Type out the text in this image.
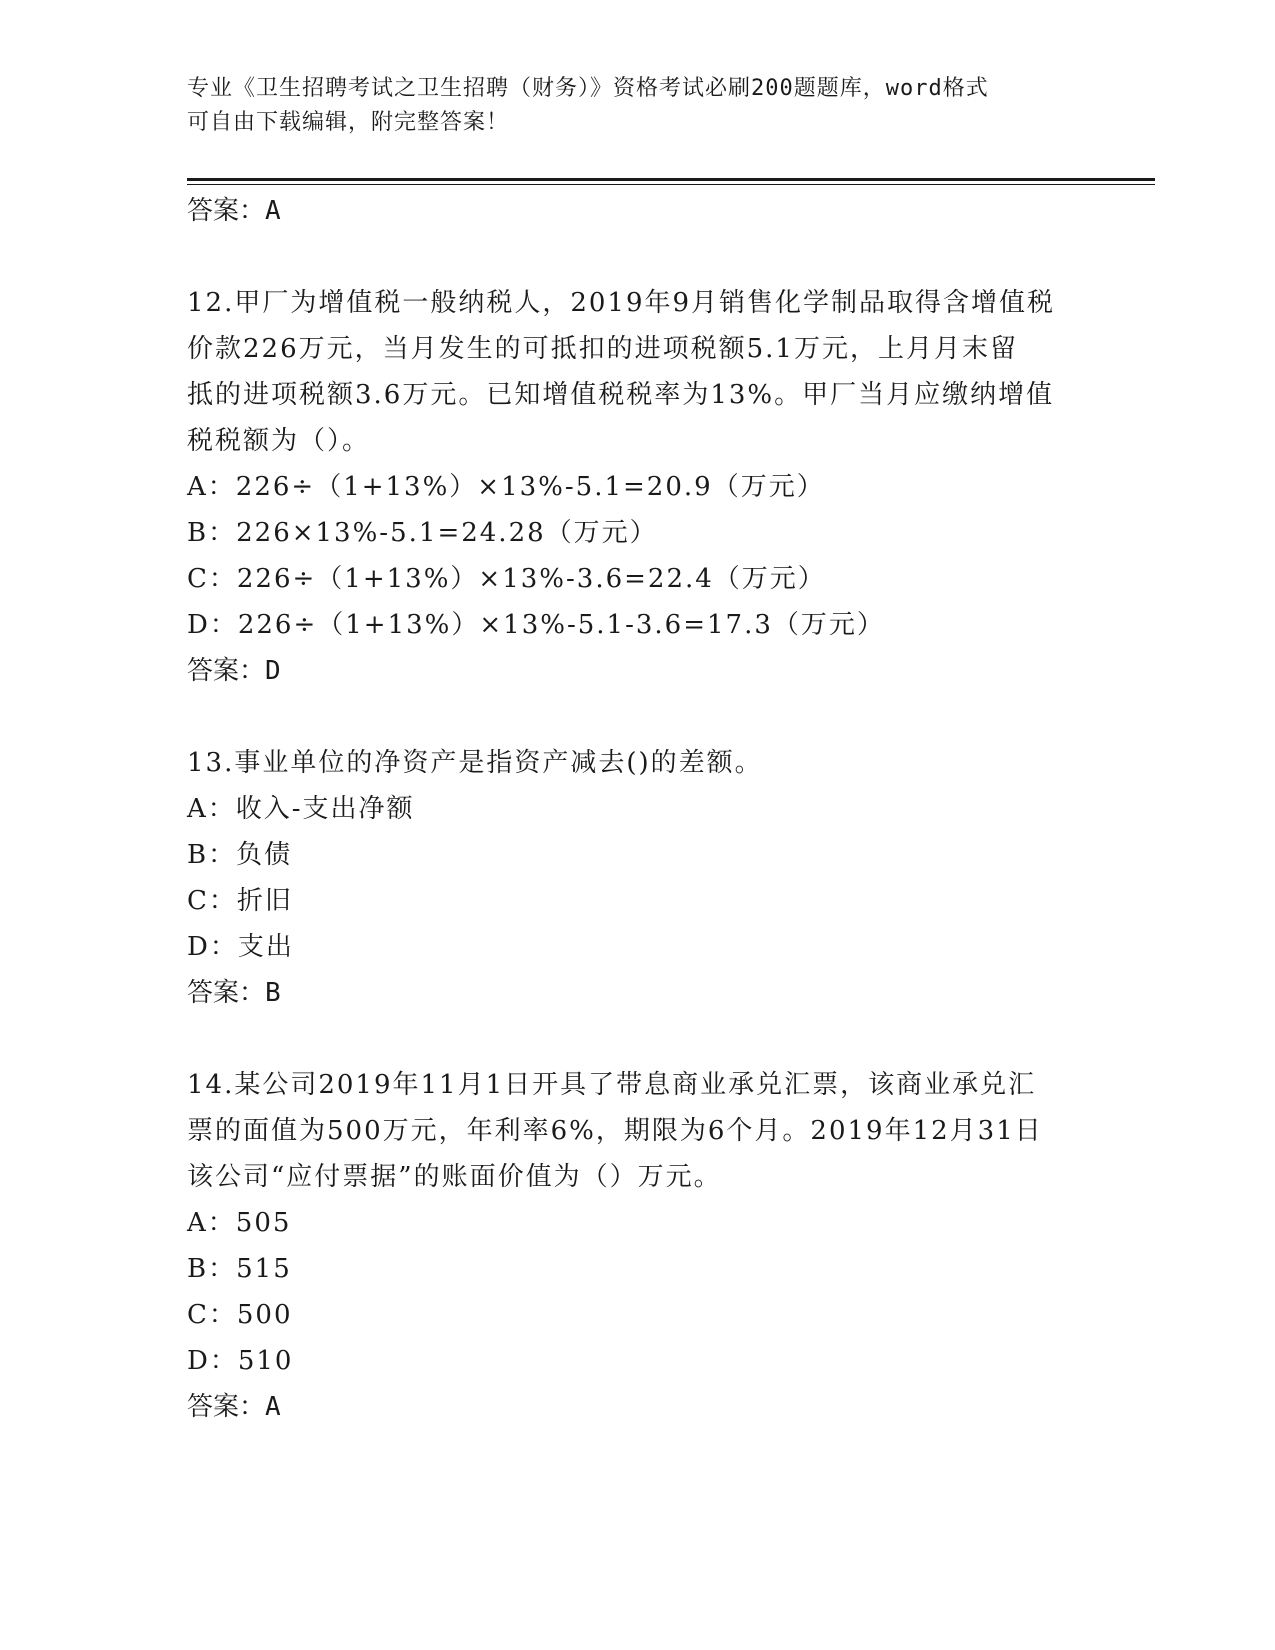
专业《卫生招聘考试之卫生招聘（财务）》资格考试必刷200题题库，word格式
可自由下载编辑，附完整答案！
答案：A
12.甲厂为增值税一般纳税人，2019年9月销售化学制品取得含增值税
价款226万元，当月发生的可抵扣的进项税额5.1万元，上月月末留
抵的进项税额3.6万元。已知增值税税率为13%。甲厂当月应缴纳增值
税税额为（）。
A：226÷（1+13%）×13%-5.1=20.9（万元）
B：226×13%-5.1=24.28（万元）
C：226÷（1+13%）×13%-3.6=22.4（万元）
D：226÷（1+13%）×13%-5.1-3.6=17.3（万元）
答案：D
13.事业单位的净资产是指资产减去()的差额。
A：收入-支出净额
B：负债
C：折旧
D：支出
答案：B
14.某公司2019年11月1日开具了带息商业承兑汇票，该商业承兑汇
票的面值为500万元，年利率6%，期限为6个月。2019年12月31日
该公司“应付票据”的账面价值为（）万元。
A：505
B：515
C：500
D：510
答案：A
